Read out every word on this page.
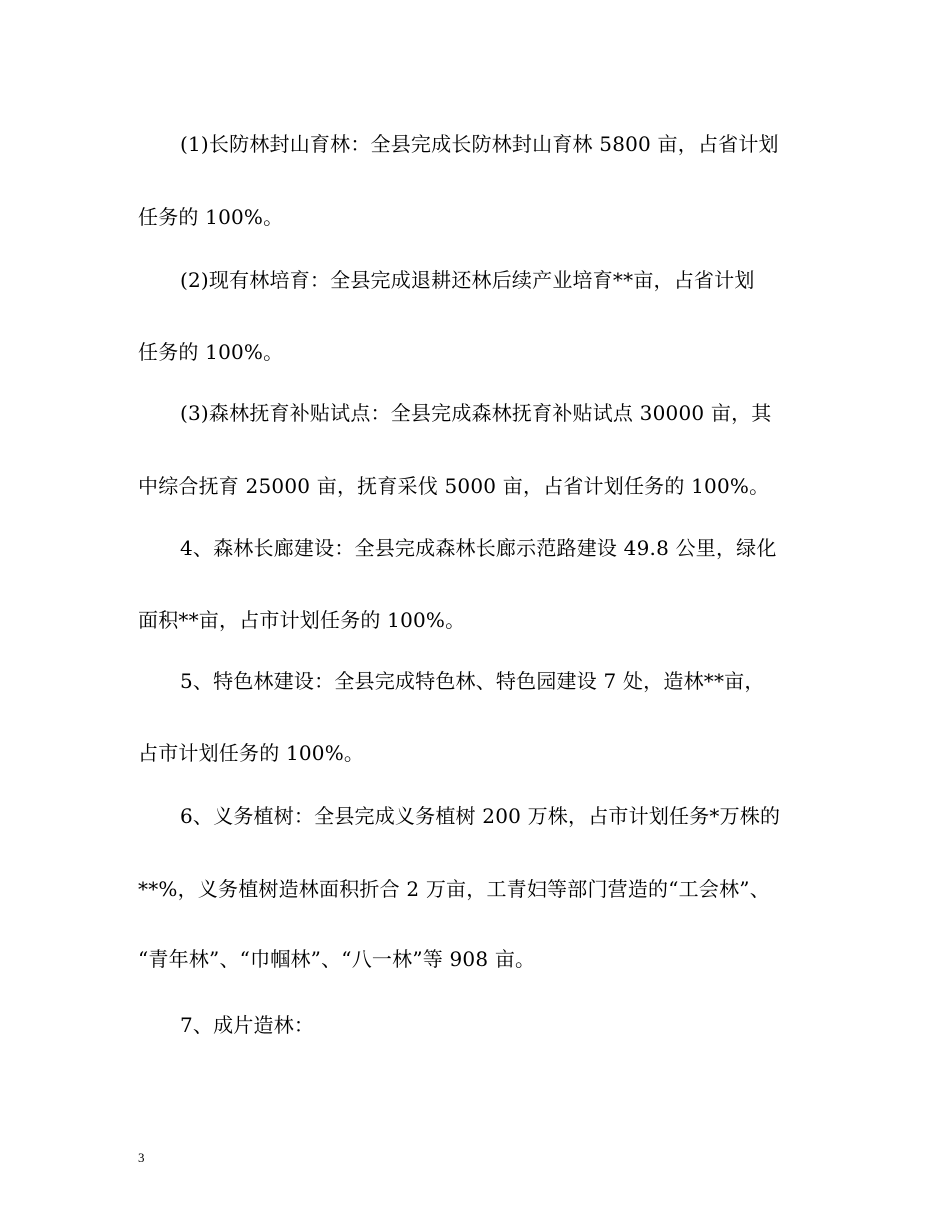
(1)长防林封山育林：全县完成长防林封山育林 5800 亩，占省计划
任务的 100%。
(2)现有林培育：全县完成退耕还林后续产业培育**亩，占省计划
任务的 100%。
(3)森林抚育补贴试点：全县完成森林抚育补贴试点 30000 亩，其
中综合抚育 25000 亩，抚育采伐 5000 亩，占省计划任务的 100%。
4、森林长廊建设：全县完成森林长廊示范路建设 49.8 公里，绿化
面积**亩，占市计划任务的 100%。
5、特色林建设：全县完成特色林、特色园建设 7 处，造林**亩，
占市计划任务的 100%。
6、义务植树：全县完成义务植树 200 万株，占市计划任务*万株的
**%，义务植树造林面积折合 2 万亩，工青妇等部门营造的“工会林”、
“青年林”、“巾帼林”、“八一林”等 908 亩。
7、成片造林：
3
